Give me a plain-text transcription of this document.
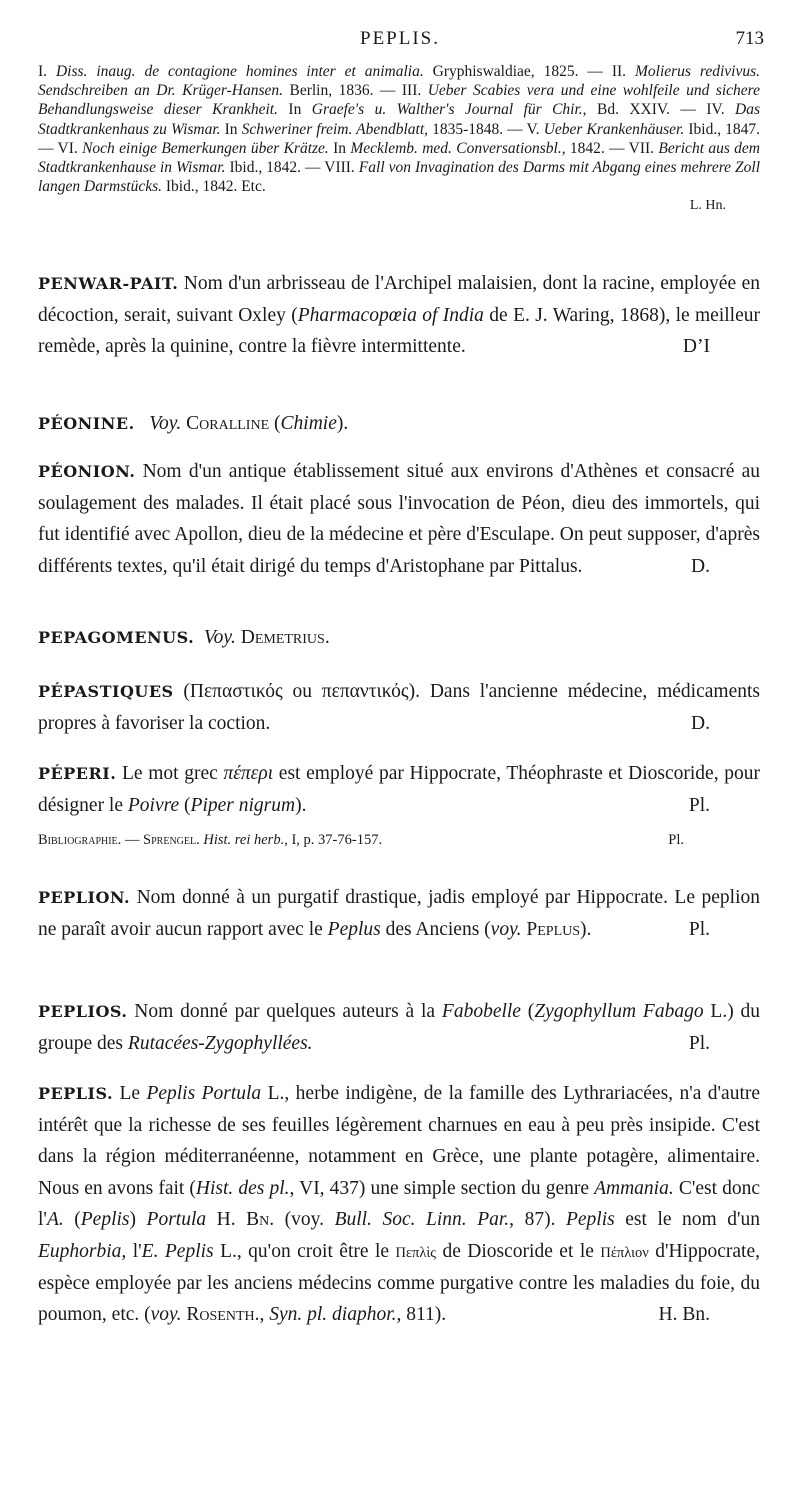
PEPLIS.	713
I. Diss. inaug. de contagione homines inter et animalia. Gryphiswaldiae, 1825. — II. Molierus redivivus. Sendschreiben an Dr. Krüger-Hansen. Berlin, 1836. — III. Ueber Scabies vera und eine wohlfeile und sichere Behandlungsweise dieser Krankheit. In Graefe's u. Walther's Journal für Chir., Bd. XXIV. — IV. Das Stadtkrankenhaus zu Wismar. In Schweriner freim. Abendblatt, 1835-1848. — V. Ueber Krankenhäuser. Ibid., 1847. — VI. Noch einige Bemerkungen über Krätze. In Mecklemb. med. Conversationsbl., 1842. — VII. Bericht aus dem Stadtkrankenhause in Wismar. Ibid., 1842. — VIII. Fall von Invagination des Darms mit Abgang eines mehrere Zoll langen Darmstücks. Ibid., 1842. Etc.
L. Hn.
PENWAR-PAIT. Nom d'un arbrisseau de l'Archipel malaisien, dont la racine, employée en décoction, serait, suivant Oxley (Pharmacopœia of India de E. J. Waring, 1868), le meilleur remède, après la quinine, contre la fièvre intermittente.	D’I
PÉONINE. Voy. Coralline (Chimie).
PÉONION. Nom d'un antique établissement situé aux environs d'Athènes et consacré au soulagement des malades. Il était placé sous l'invocation de Péon, dieu des immortels, qui fut identifié avec Apollon, dieu de la médecine et père d'Esculape. On peut supposer, d'après différents textes, qu'il était dirigé du temps d'Aristophane par Pittalus.	D.
PEPAGOMENUS. Voy. Demetrius.
PÉPASTIQUES (Πεπαστικός ou πεπαντικός). Dans l'ancienne médecine, médicaments propres à favoriser la coction.	D.
PÉPERI. Le mot grec πέπερι est employé par Hippocrate, Théophraste et Dioscoride, pour désigner le Poivre (Piper nigrum).	Pl.
Bibliographie. — Sprengel. Hist. rei herb., I, p. 37-76-157.	Pl.
PEPLION. Nom donné à un purgatif drastique, jadis employé par Hippocrate. Le peplion ne paraît avoir aucun rapport avec le Peplus des Anciens (voy. Peplus).	Pl.
PEPLIOS. Nom donné par quelques auteurs à la Fabobelle (Zygophyllum Fabago L.) du groupe des Rutacées-Zygophyllées.	Pl.
PEPLIS. Le Peplis Portula L., herbe indigène, de la famille des Lythrariacées, n'a d'autre intérêt que la richesse de ses feuilles légèrement charnues en eau à peu près insipide. C'est dans la région méditerranéenne, notamment en Grèce, une plante potagère, alimentaire. Nous en avons fait (Hist. des pl., VI, 437) une simple section du genre Ammania. C'est donc l'A. (Peplis) Portula H. Bn. (voy. Bull. Soc. Linn. Par., 87). Peplis est le nom d'un Euphorbia, l'E. Peplis L., qu'on croit être le Πεπλὶς de Dioscoride et le Πέπλιον d'Hippocrate, espèce employée par les anciens médecins comme purgative contre les maladies du foie, du poumon, etc. (voy. Rosenth., Syn. pl. diaphor., 811).	H. Bn.
